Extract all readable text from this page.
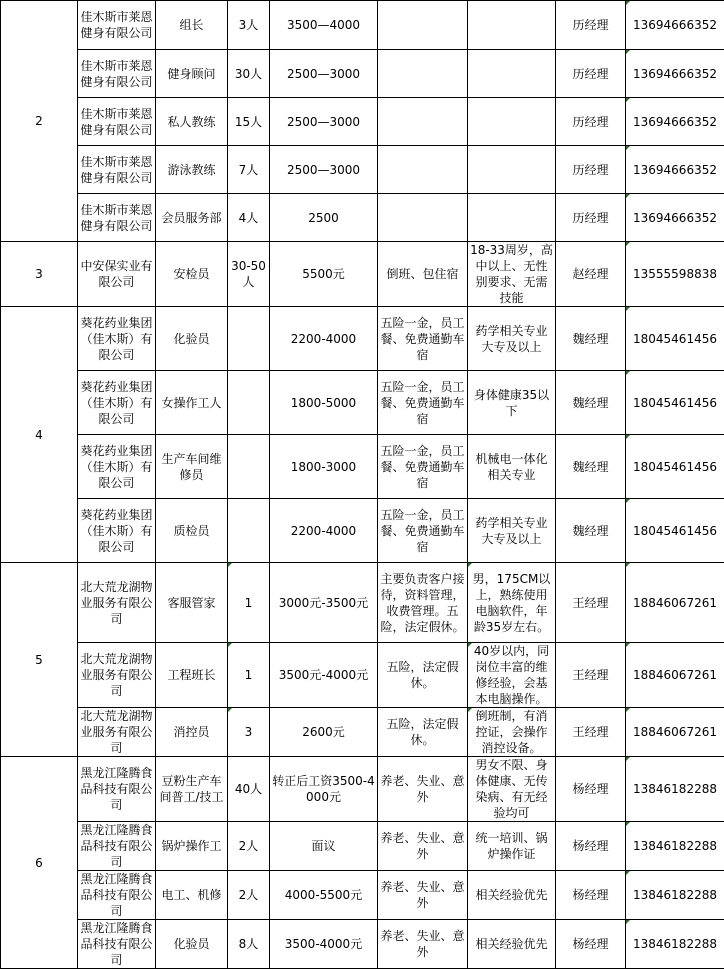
2	佳木斯市莱恩健身有限公司	组长	3人	3500—4000			历经理	13694666352
	佳木斯市莱恩健身有限公司	健身顾问	30人	2500—3000			历经理	13694666352
	佳木斯市莱恩健身有限公司	私人教练	15人	2500—3000			历经理	13694666352
	佳木斯市莱恩健身有限公司	游泳教练	7人	2500—3000			历经理	13694666352
	佳木斯市莱恩健身有限公司	会员服务部	4人	2500			历经理	13694666352
3	中安保实业有限公司	安检员	30-50人	5500元	倒班、包住宿	18-33周岁，高中以上、无性别要求、无需技能	赵经理	13555598838
4	葵花药业集团（佳木斯）有限公司	化验员		2200-4000	五险一金，员工餐、免费通勤车宿	药学相关专业大专及以上	魏经理	18045461456
	葵花药业集团（佳木斯）有限公司	女操作工人		1800-5000	五险一金，员工餐、免费通勤车宿	身体健康35以下	魏经理	18045461456
	葵花药业集团（佳木斯）有限公司	生产车间维修员		1800-3000	五险一金，员工餐、免费通勤车宿	机械电一体化相关专业	魏经理	18045461456
	葵花药业集团（佳木斯）有限公司	质检员		2200-4000	五险一金，员工餐、免费通勤车宿	药学相关专业大专及以上	魏经理	18045461456
5	北大荒龙湖物业服务有限公司	客服管家	1	3000元-3500元	主要负责客户接待，资料管理，收费管理。五险，法定假休。	男，175CM以上，熟练使用电脑软件，年龄35岁左右。	王经理	18846067261
	北大荒龙湖物业服务有限公司	工程班长	1	3500元-4000元	五险，法定假休。	40岁以内，同岗位丰富的维修经验，会基本电脑操作。	王经理	18846067261
	北大荒龙湖物业服务有限公司	消控员	3	2600元	五险，法定假休。	倒班制，有消控证，会操作消控设备。	王经理	18846067261
6	黑龙江隆腾食品科技有限公司	豆粉生产车间普工/技工	40人	转正后工资3500-4000元	养老、失业、意外	男女不限、身体健康、无传染病、有无经验均可	杨经理	13846182288
	黑龙江隆腾食品科技有限公司	锅炉操作工	2人	面议	养老、失业、意外	统一培训、锅炉操作证	杨经理	13846182288
	黑龙江隆腾食品科技有限公司	电工、机修	2人	4000-5500元	养老、失业、意外	相关经验优先	杨经理	13846182288
	黑龙江隆腾食品科技有限公司	化验员	8人	3500-4000元	养老、失业、意外	相关经验优先	杨经理	13846182288
